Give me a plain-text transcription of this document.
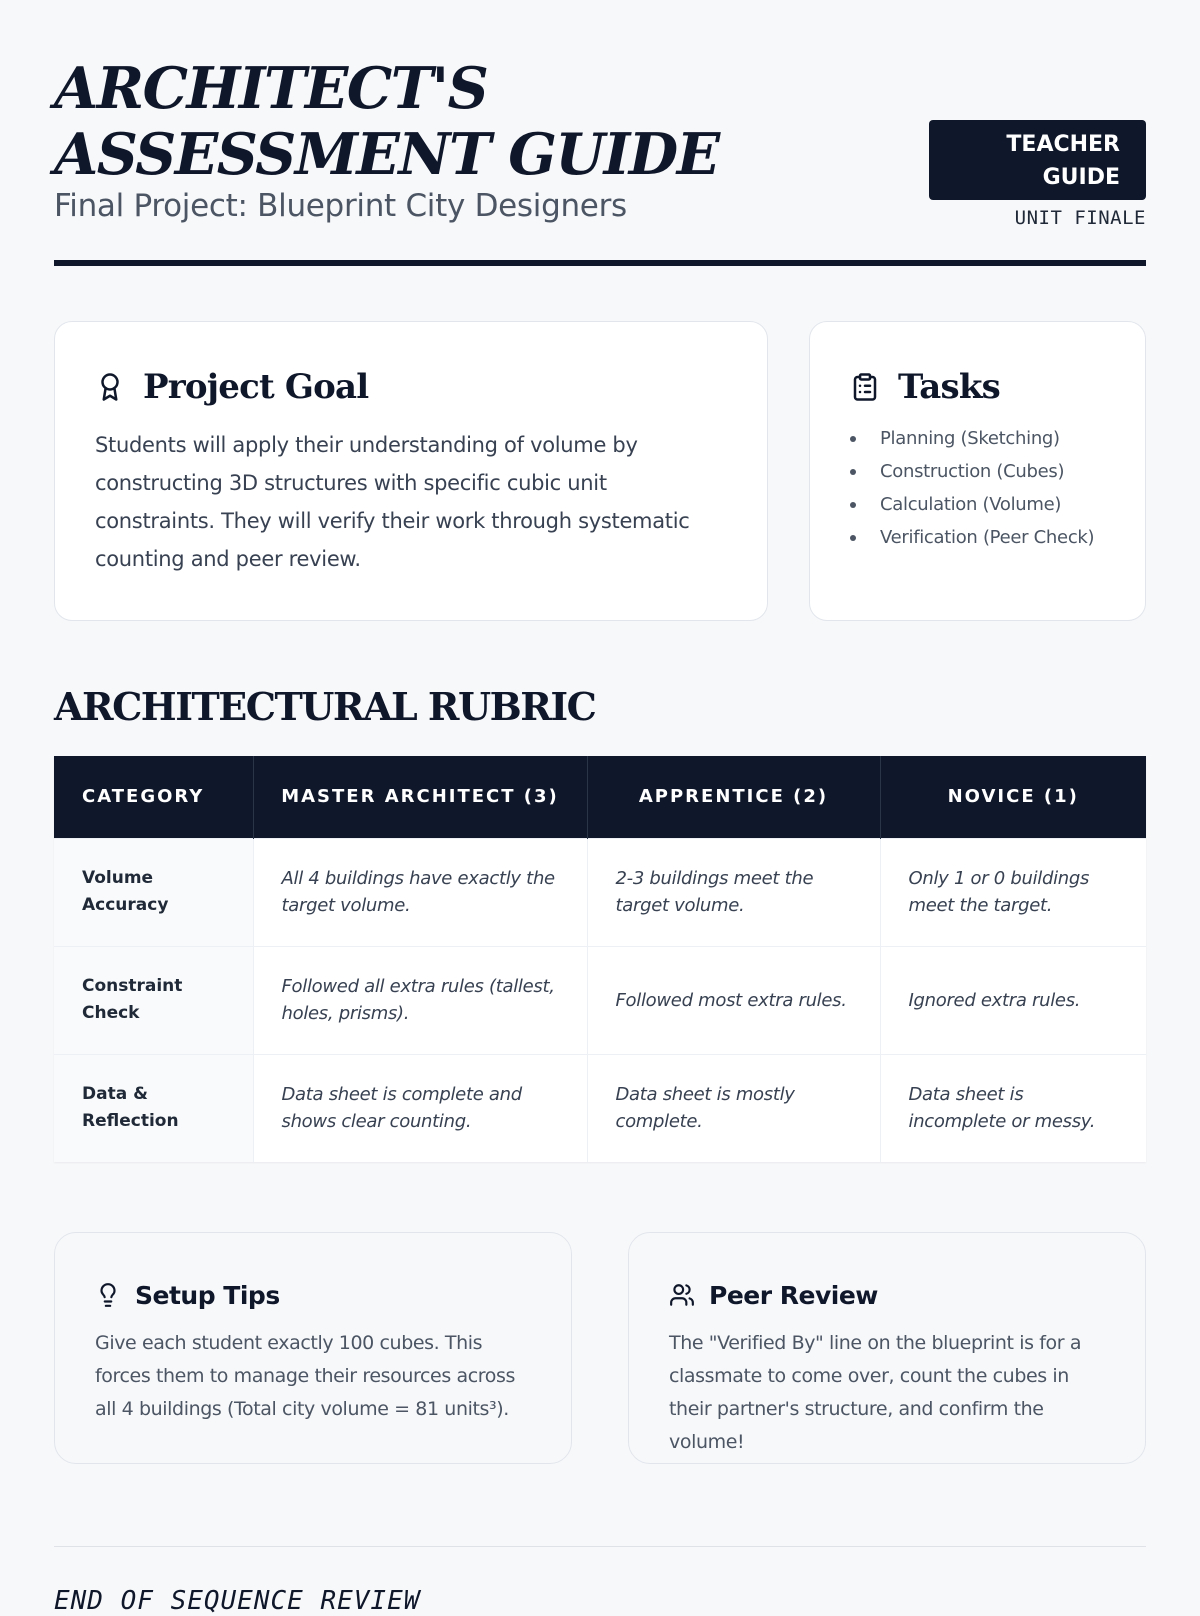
ARCHITECT'S ASSESSMENT GUIDE
Final Project: Blueprint City Designers
TEACHER GUIDE
UNIT FINALE
Project Goal

Students will apply their understanding of volume by constructing 3D structures with specific cubic unit constraints. They will verify their work through systematic counting and peer review.

Tasks
Planning (Sketching)
Construction (Cubes)
Calculation (Volume)
Verification (Peer Check)
ARCHITECTURAL RUBRIC
CATEGORY	MASTER ARCHITECT (3)	APPRENTICE (2)	NOVICE (1)
Volume Accuracy	All 4 buildings have exactly the target volume.	2-3 buildings meet the target volume.	Only 1 or 0 buildings meet the target.
Constraint Check	Followed all extra rules (tallest, holes, prisms).	Followed most extra rules.	Ignored extra rules.
Data & Reflection	Data sheet is complete and shows clear counting.	Data sheet is mostly complete.	Data sheet is incomplete or messy.
Setup Tips

Give each student exactly 100 cubes. This forces them to manage their resources across all 4 buildings (Total city volume = 81 units³).

Peer Review

The "Verified By" line on the blueprint is for a classmate to come over, count the cubes in their partner's structure, and confirm the volume!

END OF SEQUENCE REVIEW
